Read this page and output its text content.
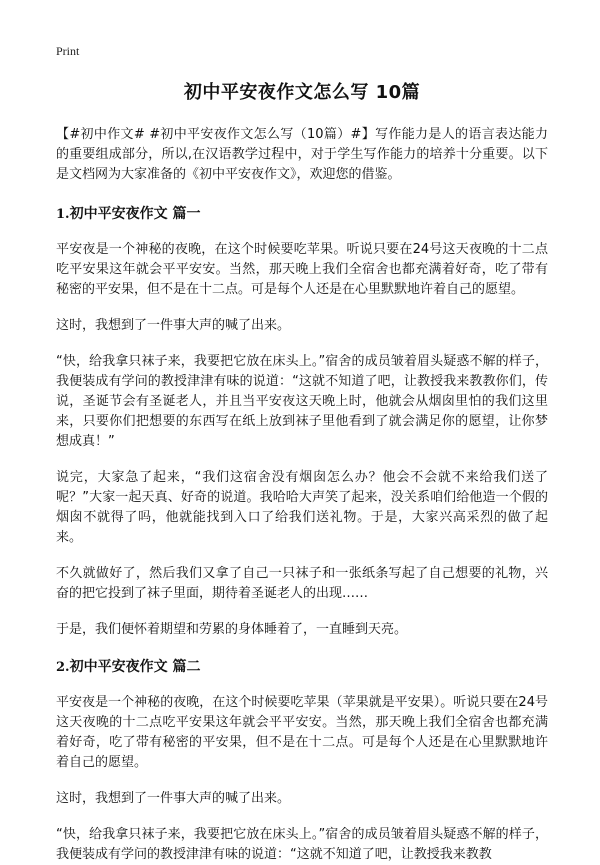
Print
初中平安夜作文怎么写 10篇

【#初中作文# #初中平安夜作文怎么写（10篇）#】写作能力是人的语言表达能力的重要组成部分，所以,在汉语教学过程中，对于学生写作能力的培养十分重要。以下是文档网为大家准备的《初中平安夜作文》，欢迎您的借鉴。

1.初中平安夜作文 篇一

平安夜是一个神秘的夜晚，在这个时候要吃苹果。听说只要在24号这天夜晚的十二点吃平安果这年就会平平安安。当然，那天晚上我们全宿舍也都充满着好奇，吃了带有秘密的平安果，但不是在十二点。可是每个人还是在心里默默地许着自己的愿望。

这时，我想到了一件事大声的喊了出来。

“快，给我拿只袜子来，我要把它放在床头上。”宿舍的成员皱着眉头疑惑不解的样子，我便装成有学问的教授津津有味的说道：“这就不知道了吧，让教授我来教教你们，传说，圣诞节会有圣诞老人，并且当平安夜这天晚上时，他就会从烟囱里怕的我们这里来，只要你们把想要的东西写在纸上放到袜子里他看到了就会满足你的愿望，让你梦想成真！”

说完，大家急了起来，“我们这宿舍没有烟囱怎么办？他会不会就不来给我们送了呢？”大家一起天真、好奇的说道。我哈哈大声笑了起来，没关系咱们给他造一个假的烟囱不就得了吗，他就能找到入口了给我们送礼物。于是，大家兴高采烈的做了起来。

不久就做好了，然后我们又拿了自己一只袜子和一张纸条写起了自己想要的礼物，兴奋的把它投到了袜子里面，期待着圣诞老人的出现……

于是，我们便怀着期望和劳累的身体睡着了，一直睡到天亮。

2.初中平安夜作文 篇二

平安夜是一个神秘的夜晚，在这个时候要吃苹果（苹果就是平安果）。听说只要在24号这天夜晚的十二点吃平安果这年就会平平安安。当然，那天晚上我们全宿舍也都充满着好奇，吃了带有秘密的平安果，但不是在十二点。可是每个人还是在心里默默地许着自己的愿望。

这时，我想到了一件事大声的喊了出来。

“快，给我拿只袜子来，我要把它放在床头上。”宿舍的成员皱着眉头疑惑不解的样子，我便装成有学问的教授津津有味的说道：“这就不知道了吧，让教授我来教教
